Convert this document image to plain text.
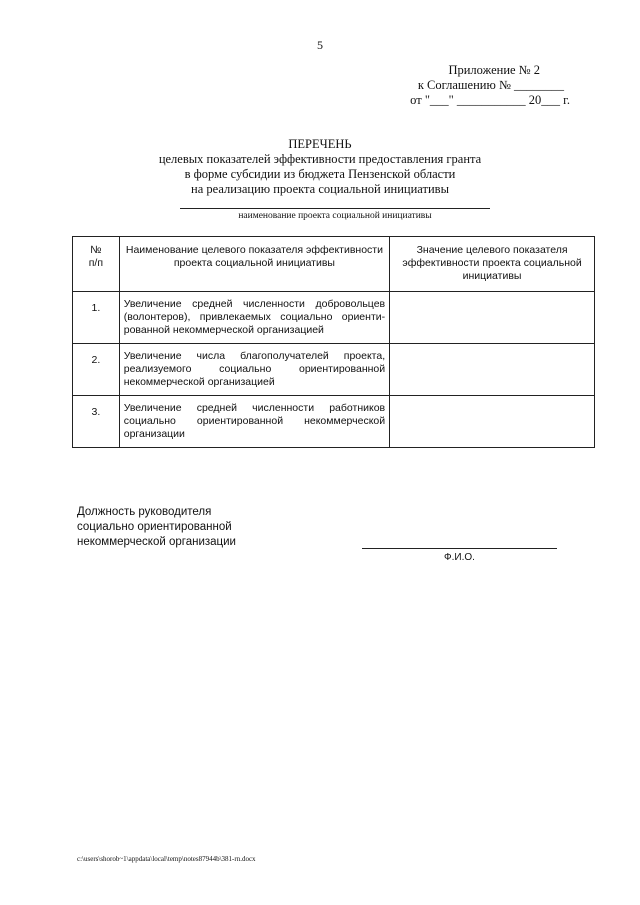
5
Приложение № 2
к Соглашению № ________
от "___" ___________ 20___ г.
ПЕРЕЧЕНЬ
целевых показателей эффективности предоставления гранта
в форме субсидии из бюджета Пензенской области
на реализацию проекта социальной инициативы
наименование проекта социальной инициативы
№
п/п	Наименование целевого показателя эффективности проекта социальной инициативы	Значение целевого показателя эффективности проекта социальной инициативы
1.	Увеличение средней численности добровольцев (волонтеров), привлекаемых социально ориенти-рованной некоммерческой организацией	
2.	Увеличение числа благополучателей проекта, реализуемого социально ориентированной некоммерческой организацией	
3.	Увеличение средней численности работников социально ориентированной некоммерческой организации	
Должность руководителя
социально ориентированной
некоммерческой организации
Ф.И.О.
c:\users\shorob~1\appdata\local\temp\notes87944b\381-rn.docx
